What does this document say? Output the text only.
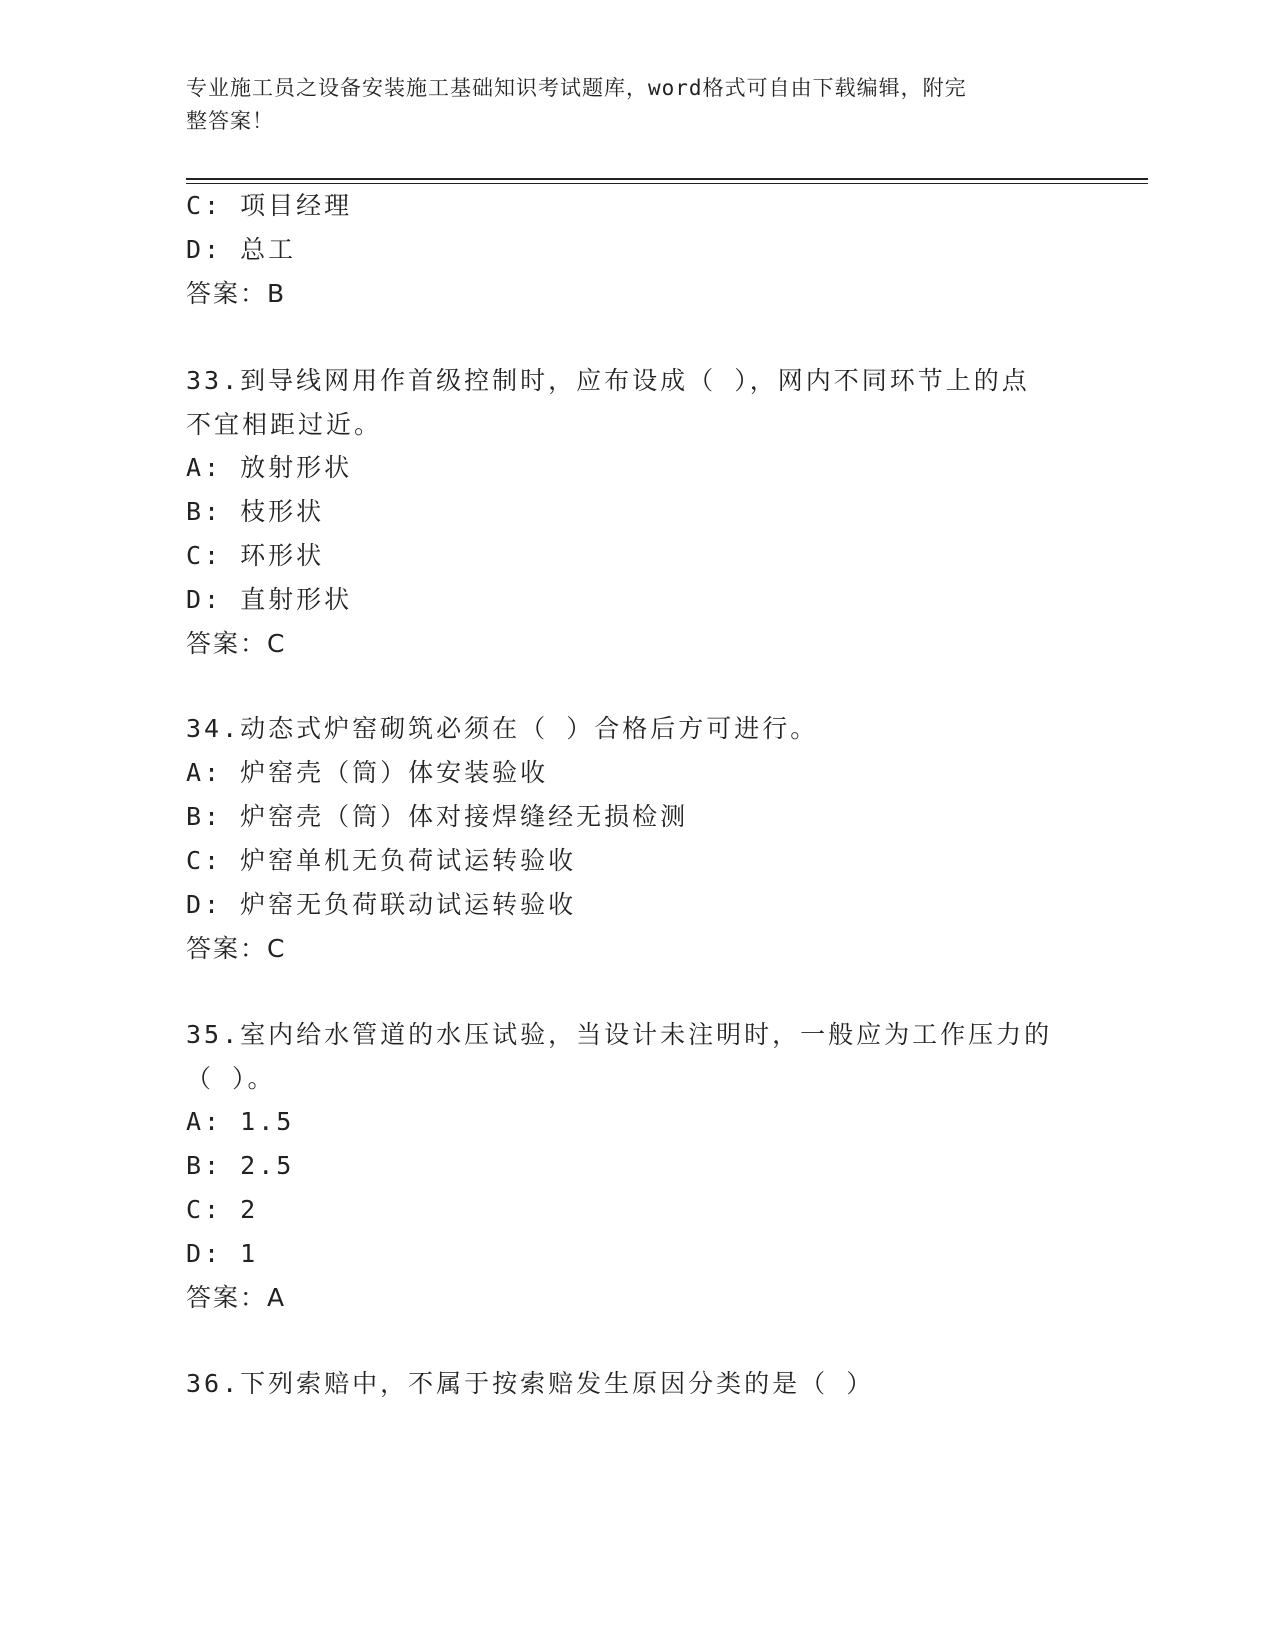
专业施工员之设备安装施工基础知识考试题库，word格式可自由下载编辑，附完
整答案！
C: 项目经理
D: 总工
答案：B
33.到导线网用作首级控制时，应布设成（ ），网内不同环节上的点
不宜相距过近。
A: 放射形状
B: 枝形状
C: 环形状
D: 直射形状
答案：C
34.动态式炉窑砌筑必须在（ ）合格后方可进行。
A: 炉窑壳（筒）体安装验收
B: 炉窑壳（筒）体对接焊缝经无损检测
C: 炉窑单机无负荷试运转验收
D: 炉窑无负荷联动试运转验收
答案：C
35.室内给水管道的水压试验，当设计未注明时，一般应为工作压力的
（ ）。
A: 1.5
B: 2.5
C: 2
D: 1
答案：A
36.下列索赔中，不属于按索赔发生原因分类的是（ ）
